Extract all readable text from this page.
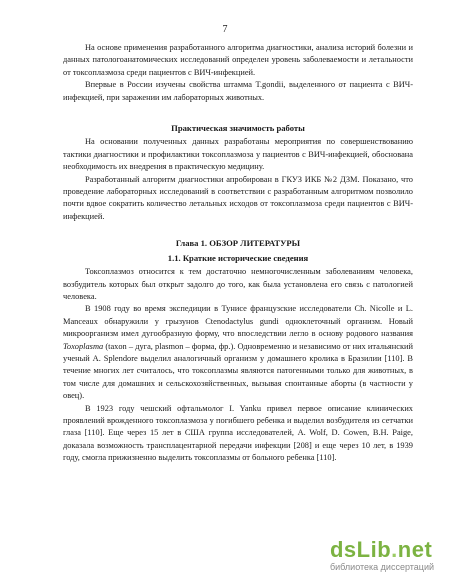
7

На основе применения разработанного алгоритма диагностики, анализа историй болезни и данных патологоанатомических исследований определен уровень заболеваемости и летальности от токсоплазмоза среди пациентов с ВИЧ-инфекцией.

Впервые в России изучены свойства штамма T.gondii, выделенного от пациента с ВИЧ-инфекцией, при заражении им лабораторных животных.

Практическая значимость работы

На основании полученных данных разработаны мероприятия по совершенствованию тактики диагностики и профилактики токсоплазмоза у пациентов с ВИЧ-инфекцией, обоснована необходимость их внедрения в практическую медицину.

Разработанный алгоритм диагностики апробирован в ГКУЗ ИКБ №2 ДЗМ. Показано, что проведение лабораторных исследований в соответствии с разработанным алгоритмом позволило почти вдвое сократить количество летальных исходов от токсоплазмоза среди пациентов с ВИЧ-инфекцией.

Глава 1. ОБЗОР ЛИТЕРАТУРЫ
1.1. Краткие исторические сведения

Токсоплазмоз относится к тем достаточно немногочисленным заболеваниям человека, возбудитель которых был открыт задолго до того, как была установлена его связь с патологией человека.

В 1908 году во время экспедиции в Тунисе французские исследователи Ch. Nicolle и L. Manceaux обнаружили у грызунов Ctenodactylus gundi одноклеточный организм. Новый микроорганизм имел дугообразную форму, что впоследствии легло в основу родового названия Toxoplasma (taxon – дуга, plasmon – форма, фр.). Одновременно и независимо от них итальянский ученый A. Splendore выделил аналогичный организм у домашнего кролика в Бразилии [110]. В течение многих лет считалось, что токсоплазмы являются патогенными только для животных, в том числе для домашних и сельскохозяйственных, вызывая спонтанные аборты (в частности у овец).

В 1923 году чешский офтальмолог I. Yanku привел первое описание клинических проявлений врожденного токсоплазмоза у погибшего ребенка и выделил возбудителя из сетчатки глаза [110]. Еще через 15 лет в США группа исследователей, A. Wolf, D. Cowen, B.H. Paige, доказала возможность трансплацентарной передачи инфекции [208] и еще через 10 лет, в 1939 году, смогла прижизненно выделить токсоплазмы от больного ребенка [110].

dsLib.net
библиотека диссертаций
